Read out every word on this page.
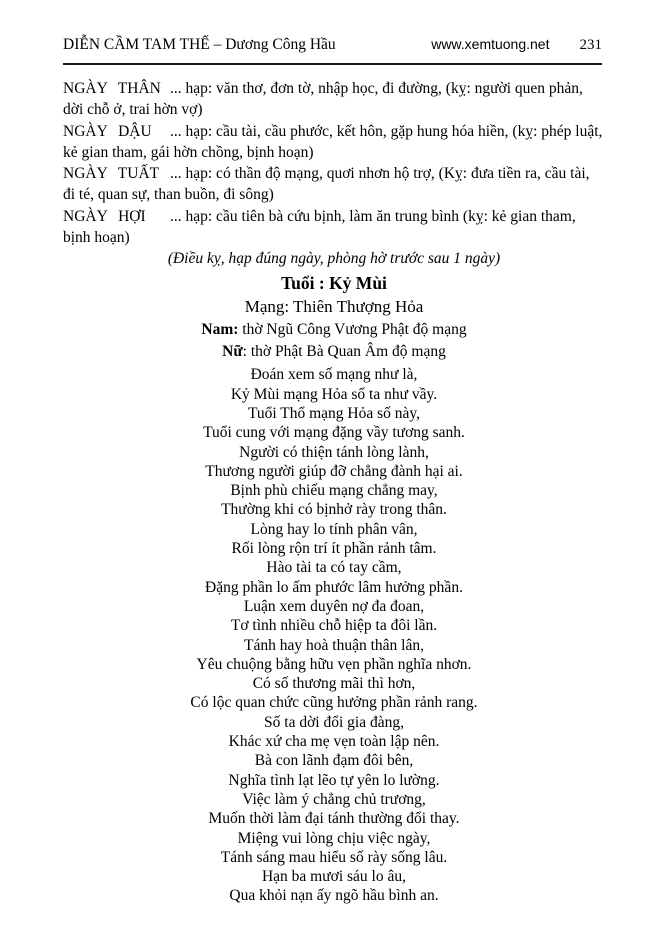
DIỄN CẦM TAM THẾ – Dương Công Hầu	www.xemtuong.net 231

NGÀY THÂN ... hạp: văn thơ, đơn tờ, nhập học, đi đường, (kỵ: người quen phản, dời chỗ ở, trai hờn vợ)

NGÀY DẬU ... hạp: cầu tài, cầu phước, kết hôn, gặp hung hóa hiền, (kỵ: phép luật, kẻ gian tham, gái hờn chồng, bịnh hoạn)

NGÀY TUẤT ... hạp: có thần độ mạng, quơi nhơn hộ trợ, (Kỵ: đưa tiền ra, cầu tài, đi té, quan sự, than buồn, đi sông)

NGÀY HỢI ... hạp: cầu tiên bà cứu bịnh, làm ăn trung bình (kỵ: kẻ gian tham, bịnh hoạn)

(Điều kỵ, hạp đúng ngày, phòng hờ trước sau 1 ngày)

Tuổi : Kỷ Mùi

Mạng: Thiên Thượng Hỏa

Nam: thờ Ngũ Công Vương Phật độ mạng

Nữ: thờ Phật Bà Quan Âm độ mạng

Đoán xem số mạng như là,
Kỷ Mùi mạng Hỏa số ta như vầy.
Tuổi Thổ mạng Hỏa số này,
Tuổi cung với mạng đặng vầy tương sanh.
Người có thiện tánh lòng lành,
Thương người giúp đỡ chẳng đành hại ai.
Bịnh phù chiếu mạng chẳng may,
Thường khi có bịnhở rày trong thân.
Lòng hay lo tính phân vân,
Rối lòng rộn trí ít phần rảnh tâm.
Hào tài ta có tay cầm,
Đặng phần lo ấm phước lâm hưởng phần.
Luận xem duyên nợ đa đoan,
Tơ tình nhiều chỗ hiệp ta đôi lần.
Tánh hay hoà thuận thân lân,
Yêu chuộng bằng hữu vẹn phần nghĩa nhơn.
Có số thương mãi thì hơn,
Có lộc quan chức cũng hưởng phần rảnh rang.
Số ta dời đổi gia đàng,
Khác xứ cha mẹ vẹn toàn lập nên.
Bà con lãnh đạm đôi bên,
Nghĩa tình lạt lẽo tự yên lo lường.
Việc làm ý chẳng chủ trương,
Muốn thời làm đại tánh thường đổi thay.
Miệng vui lòng chịu việc ngày,
Tánh sáng mau hiểu số rày sống lâu.
Hạn ba mươi sáu lo âu,
Qua khỏi nạn ấy ngõ hầu bình an.
